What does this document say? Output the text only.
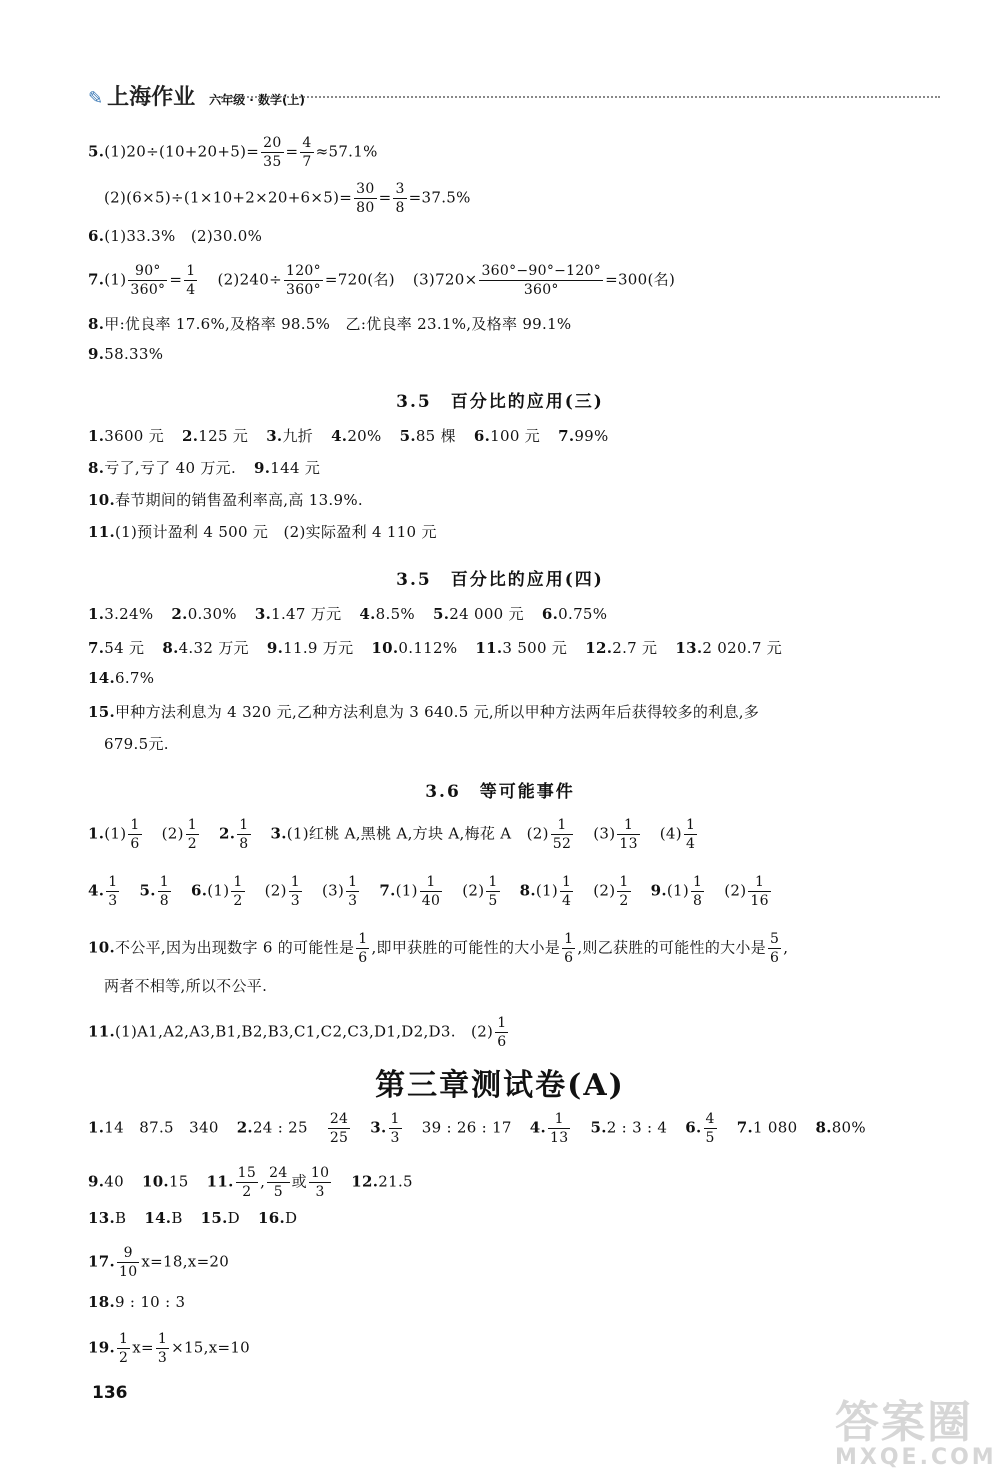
✎ 上海作业 六年级 · 数学(上)
$5.(1)20\div(10+20+5)= \frac{20}{35} = \frac{4}{7} \approx 57.1\%$
$(2)(6\times 5)\div(1\times 10+2\times 20+6\times 5)= \frac{30}{80} = \frac{3}{8} =37.5\%$
6.(1)33.3%　(2)30.0%
$7.(1) \frac{90^\circ}{360^\circ} = \frac{1}{4} (2)240\div \frac{120^\circ}{360^\circ} =720$(名) $(3)720\times \frac{360^\circ-90^\circ-120^\circ}{360^\circ} =300$(名)
8.甲:优良率 17.6%,及格率 98.5%　乙:优良率 23.1%,及格率 99.1%
9.58.33%
3.5　百分比的应用(三)
1.3600 元 2.125 元 3.九折 4.20% 5.85 棵 6.100 元 7.99%
8.亏了,亏了 40 万元. 9.144 元
10.春节期间的销售盈利率高,高 13.9%.
11.(1)预计盈利 4 500 元　(2)实际盈利 4 110 元
3.5　百分比的应用(四)
1.3.24% 2.0.30% 3.1.47 万元 4.8.5% 5.24 000 元 6.0.75%
7.54 元 8.4.32 万元 9.11.9 万元 10.0.112% 11.3 500 元 12.2.7 元 13.2 020.7 元
14.6.7%
15.甲种方法利息为 4 320 元,乙种方法利息为 3 640.5 元,所以甲种方法两年后获得较多的利息,多
679.5元.
3.6　等可能事件
$1.(1) \frac{1}{6} (2) \frac{1}{2} 2$. $\frac{1}{8} 3.(1)$红桃 A,黑桃 A,方块 A,梅花 A　$(2) \frac{1}{52} (3) \frac{1}{13} (4) \frac{1}{4}$
4. $\frac{1}{3} 5$. $\frac{1}{8} 6.(1) \frac{1}{2} (2) \frac{1}{3} (3) \frac{1}{3} 7.(1) \frac{1}{40} (2) \frac{1}{5} 8.(1) \frac{1}{4} (2) \frac{1}{2} 9.(1) \frac{1}{8} (2) \frac{1}{16}$
10.不公平,因为出现数字 6 的可能性是 $\frac{1}{6}$ ,即甲获胜的可能性的大小是 $\frac{1}{6}$ ,则乙获胜的可能性的大小是 $\frac{5}{6}$ ,
两者不相等,所以不公平.
11.(1)A1,A2,A3,B1,B2,B3,C1,C2,C3,D1,D2,D3.　$(2) \frac{1}{6}$
第三章测试卷(A)
1.14　87.5　340 2.24 : $25 \frac{24}{25} 3$. $\frac{1}{3} 39$ : 26 : 17 4. $\frac{1}{13} 5.2$ : 3 : 4 6. $\frac{4}{5} 7.1$ 080 8.80%
9.40 10.15 11. $\frac{15}{2}$ , $\frac{24}{5}$ 或 $\frac{10}{3} 12.21.5$
13.B 14.B 15.D 16.D
17. $\frac{9}{10} x=18,x=20$
18.9 : 10 : 3
19. $\frac{1}{2} x= \frac{1}{3} \times 15,x=10$
136
答案圈
MXQE.COM
